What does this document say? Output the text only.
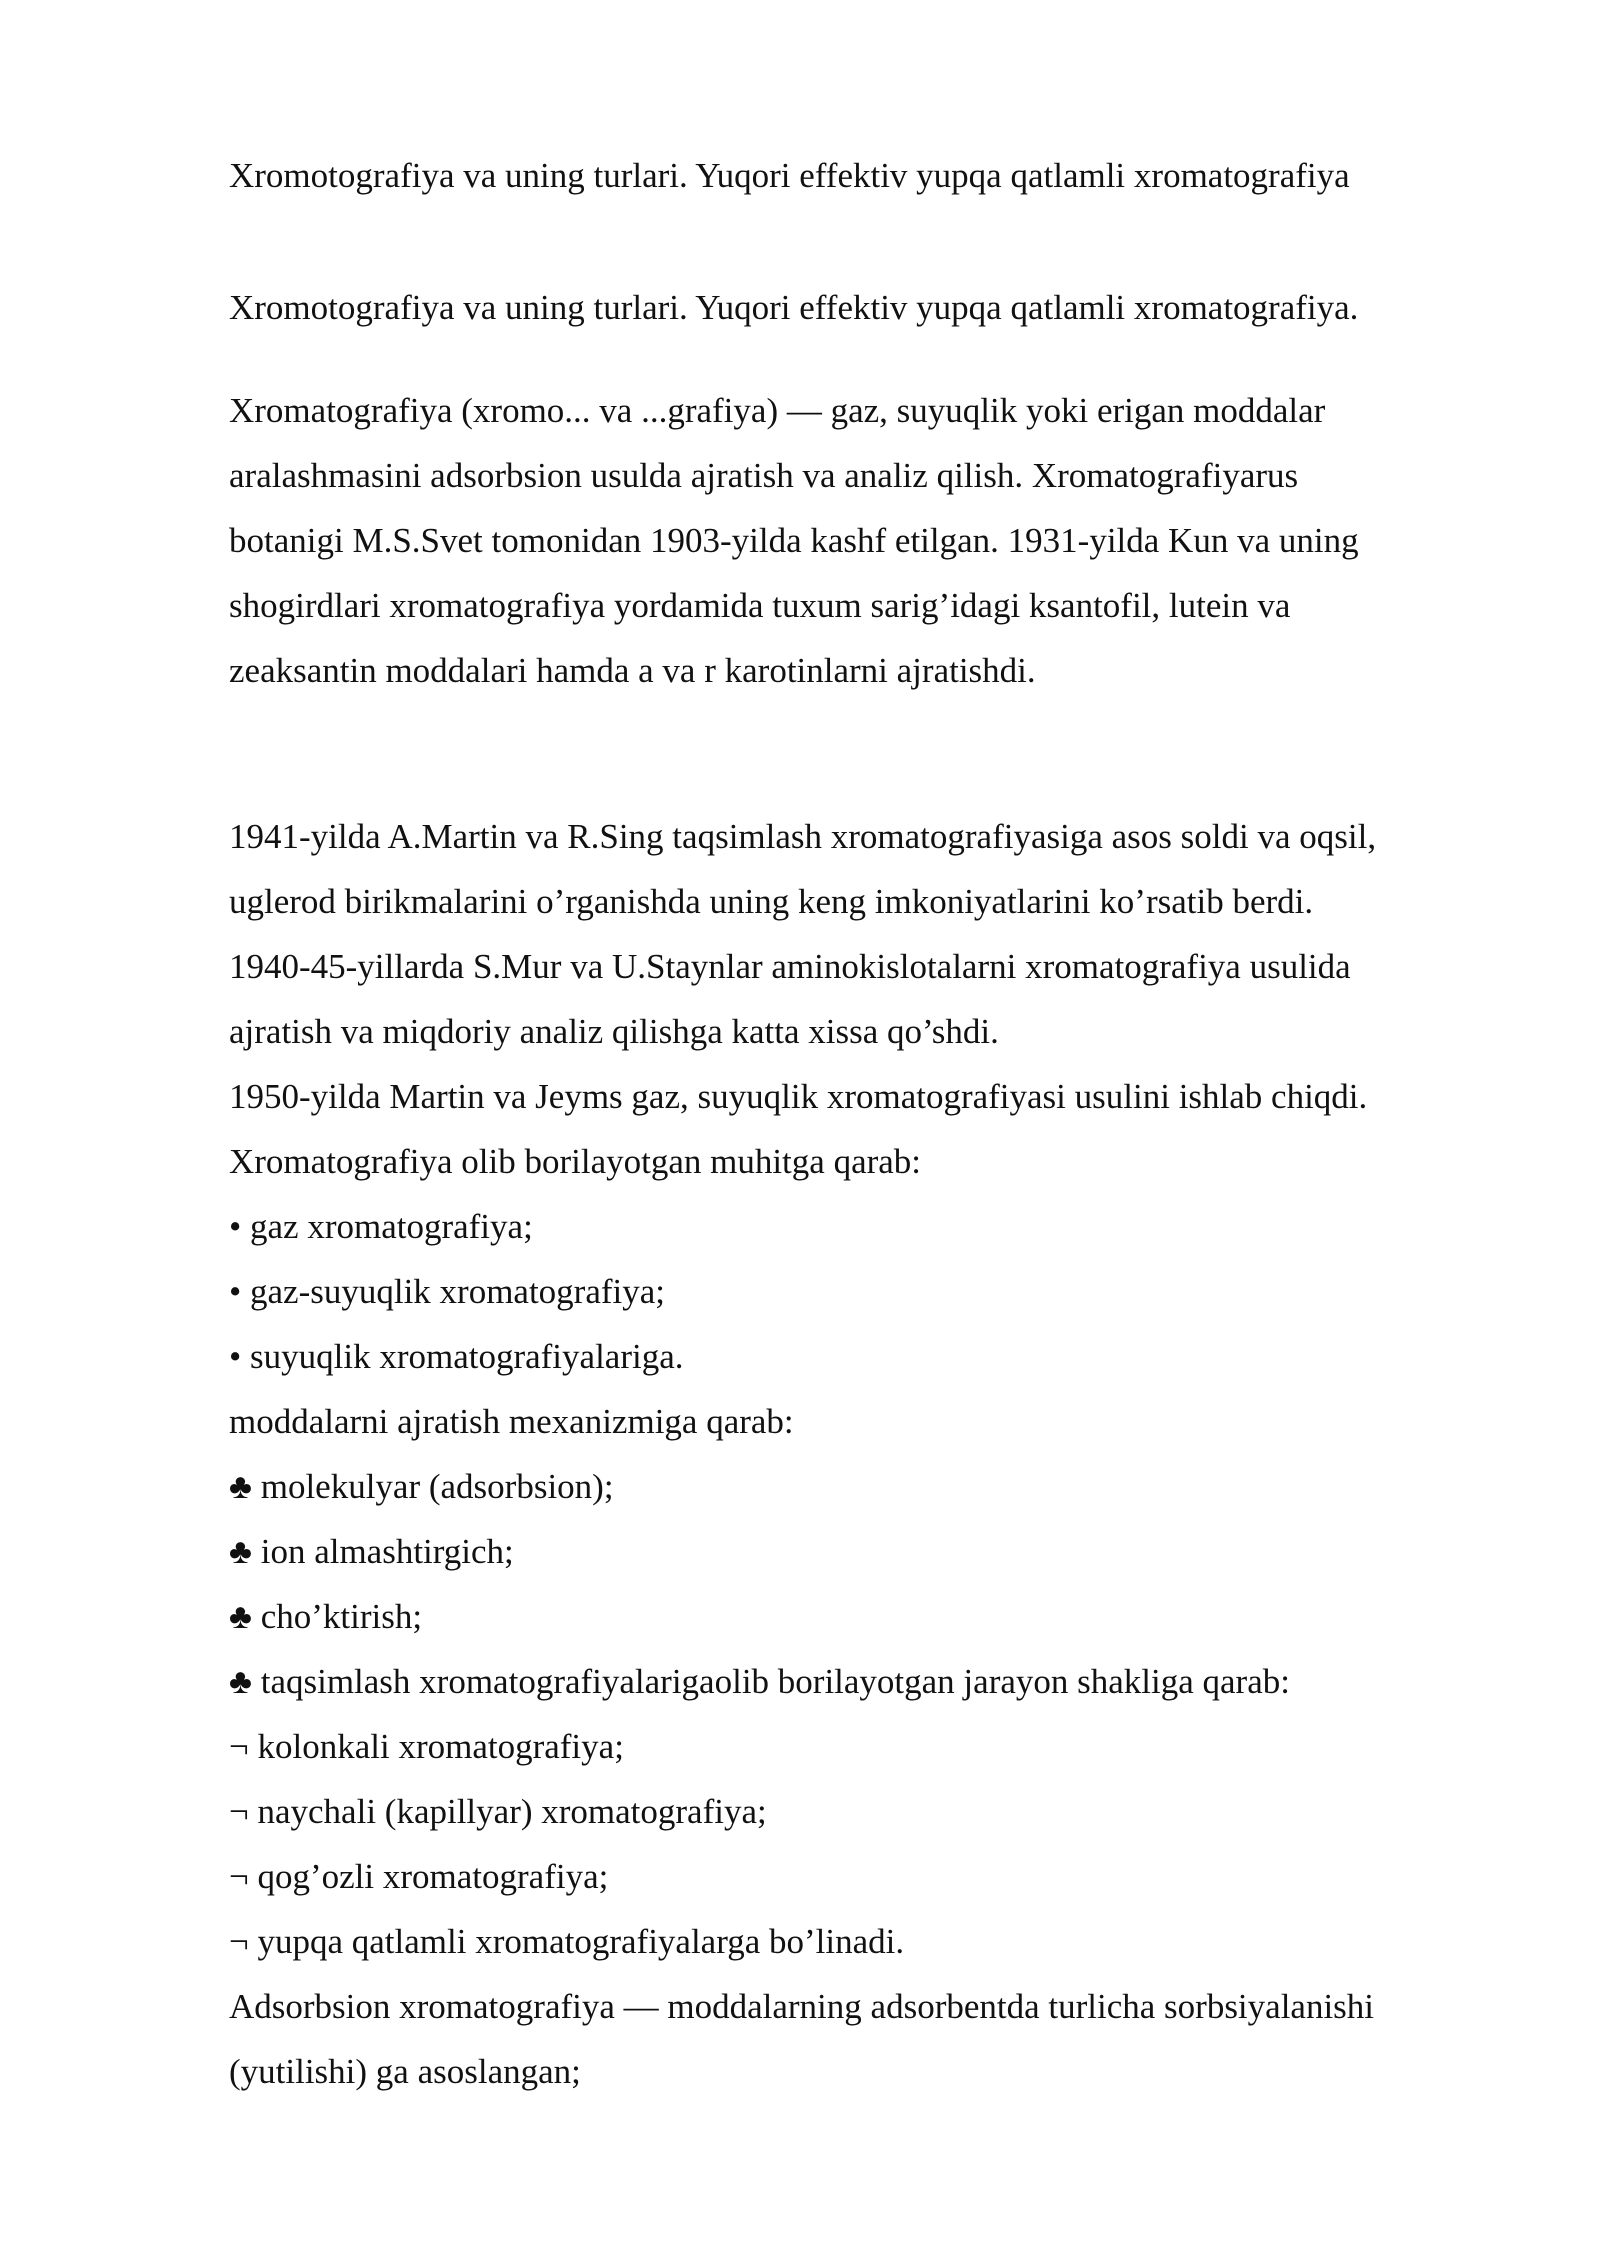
Xromotografiya va uning turlari. Yuqori effektiv yupqa qatlamli xromatografiya

Xromotografiya va uning turlari. Yuqori effektiv yupqa qatlamli xromatografiya.

Xromatografiya (xromo... va ...grafiya) — gaz, suyuqlik yoki erigan moddalar
aralashmasini adsorbsion usulda ajratish va analiz qilish. Xromatografiyarus
botanigi M.S.Svet tomonidan 1903-yilda kashf etilgan. 1931-yilda Kun va uning
shogirdlari xromatografiya yordamida tuxum sarig’idagi ksantofil, lutein va
zeaksantin moddalari hamda a va r karotinlarni ajratishdi.

1941-yilda A.Martin va R.Sing taqsimlash xromatografiyasiga asos soldi va oqsil,
uglerod birikmalarini o’rganishda uning keng imkoniyatlarini ko’rsatib berdi.
1940-45-yillarda S.Mur va U.Staynlar aminokislotalarni xromatografiya usulida
ajratish va miqdoriy analiz qilishga katta xissa qo’shdi.
1950-yilda Martin va Jeyms gaz, suyuqlik xromatografiyasi usulini ishlab chiqdi.
Xromatografiya olib borilayotgan muhitga qarab:
• gaz xromatografiya;
• gaz-suyuqlik xromatografiya;
• suyuqlik xromatografiyalariga.
moddalarni ajratish mexanizmiga qarab:
♣ molekulyar (adsorbsion);
♣ ion almashtirgich;
♣ cho’ktirish;
♣ taqsimlash xromatografiyalarigaolib borilayotgan jarayon shakliga qarab:
¬ kolonkali xromatografiya;
¬ naychali (kapillyar) xromatografiya;
¬ qog’ozli xromatografiya;
¬ yupqa qatlamli xromatografiyalarga bo’linadi.
Adsorbsion xromatografiya — moddalarning adsorbentda turlicha sorbsiyalanishi
(yutilishi) ga asoslangan;
